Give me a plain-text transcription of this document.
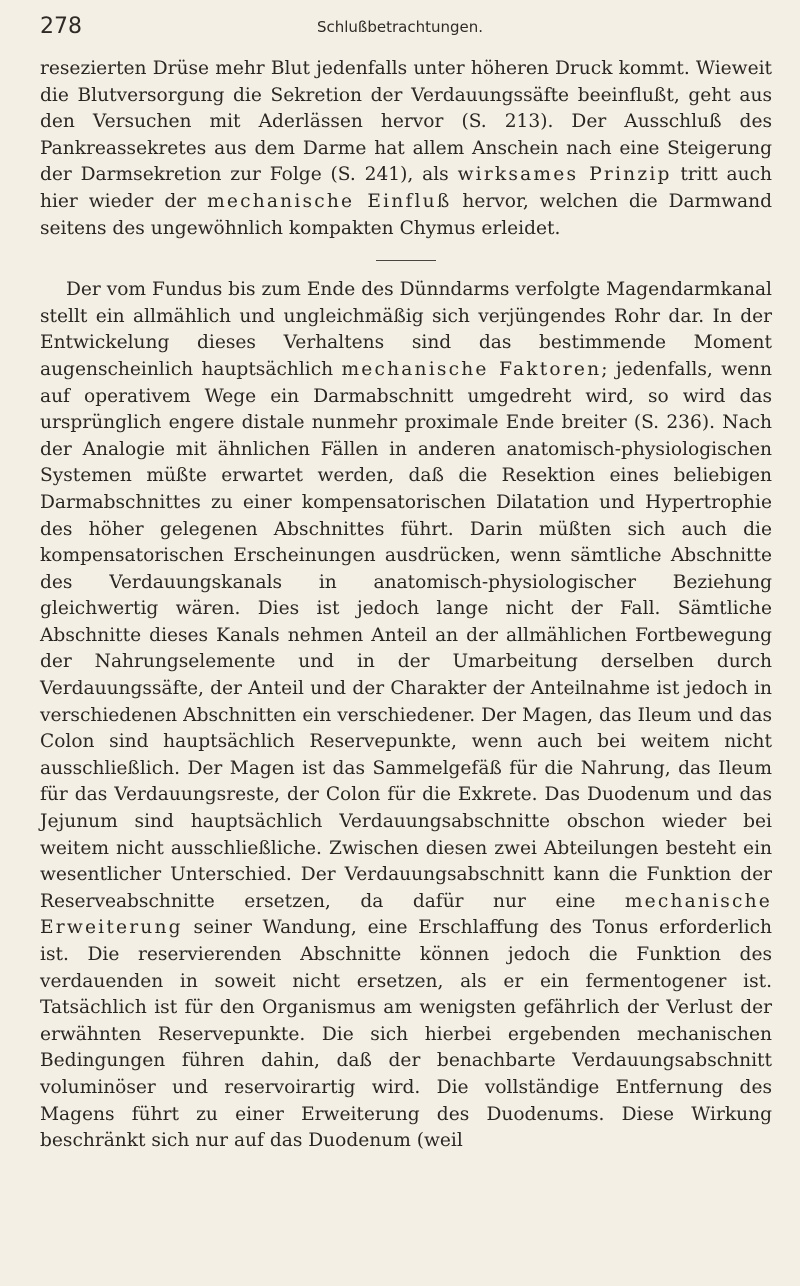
278	Schlußbetrachtungen.

resezierten Drüse mehr Blut jedenfalls unter höheren Druck kommt. Wieweit die Blutversorgung die Sekretion der Verdauungssäfte beeinflußt, geht aus den Versuchen mit Aderlässen hervor (S. 213). Der Ausschluß des Pankreassekretes aus dem Darme hat allem Anschein nach eine Steigerung der Darmsekretion zur Folge (S. 241), als wirksames Prinzip tritt auch hier wieder der mechanische Einfluß hervor, welchen die Darmwand seitens des ungewöhnlich kompakten Chymus erleidet.

Der vom Fundus bis zum Ende des Dünndarms verfolgte Magendarmkanal stellt ein allmählich und ungleichmäßig sich verjüngendes Rohr dar. In der Entwickelung dieses Verhaltens sind das bestimmende Moment augenscheinlich hauptsächlich mechanische Faktoren; jedenfalls, wenn auf operativem Wege ein Darmabschnitt umgedreht wird, so wird das ursprünglich engere distale nunmehr proximale Ende breiter (S. 236). Nach der Analogie mit ähnlichen Fällen in anderen anatomisch-physiologischen Systemen müßte erwartet werden, daß die Resektion eines beliebigen Darmabschnittes zu einer kompensatorischen Dilatation und Hypertrophie des höher gelegenen Abschnittes führt. Darin müßten sich auch die kompensatorischen Erscheinungen ausdrücken, wenn sämtliche Abschnitte des Verdauungskanals in anatomisch-physiologischer Beziehung gleichwertig wären. Dies ist jedoch lange nicht der Fall. Sämtliche Abschnitte dieses Kanals nehmen Anteil an der allmählichen Fortbewegung der Nahrungselemente und in der Umarbeitung derselben durch Verdauungssäfte, der Anteil und der Charakter der Anteilnahme ist jedoch in verschiedenen Abschnitten ein verschiedener. Der Magen, das Ileum und das Colon sind hauptsächlich Reservepunkte, wenn auch bei weitem nicht ausschließlich. Der Magen ist das Sammelgefäß für die Nahrung, das Ileum für das Verdauungsreste, der Colon für die Exkrete. Das Duodenum und das Jejunum sind hauptsächlich Verdauungsabschnitte obschon wieder bei weitem nicht ausschließliche. Zwischen diesen zwei Abteilungen besteht ein wesentlicher Unterschied. Der Verdauungsabschnitt kann die Funktion der Reserveabschnitte ersetzen, da dafür nur eine mechanische Erweiterung seiner Wandung, eine Erschlaffung des Tonus erforderlich ist. Die reservierenden Abschnitte können jedoch die Funktion des verdauenden in soweit nicht ersetzen, als er ein fermentogener ist. Tatsächlich ist für den Organismus am wenigsten gefährlich der Verlust der erwähnten Reservepunkte. Die sich hierbei ergebenden mechanischen Bedingungen führen dahin, daß der benachbarte Verdauungsabschnitt voluminöser und reservoirartig wird. Die vollständige Entfernung des Magens führt zu einer Erweiterung des Duodenums. Diese Wirkung beschränkt sich nur auf das Duodenum (weil
